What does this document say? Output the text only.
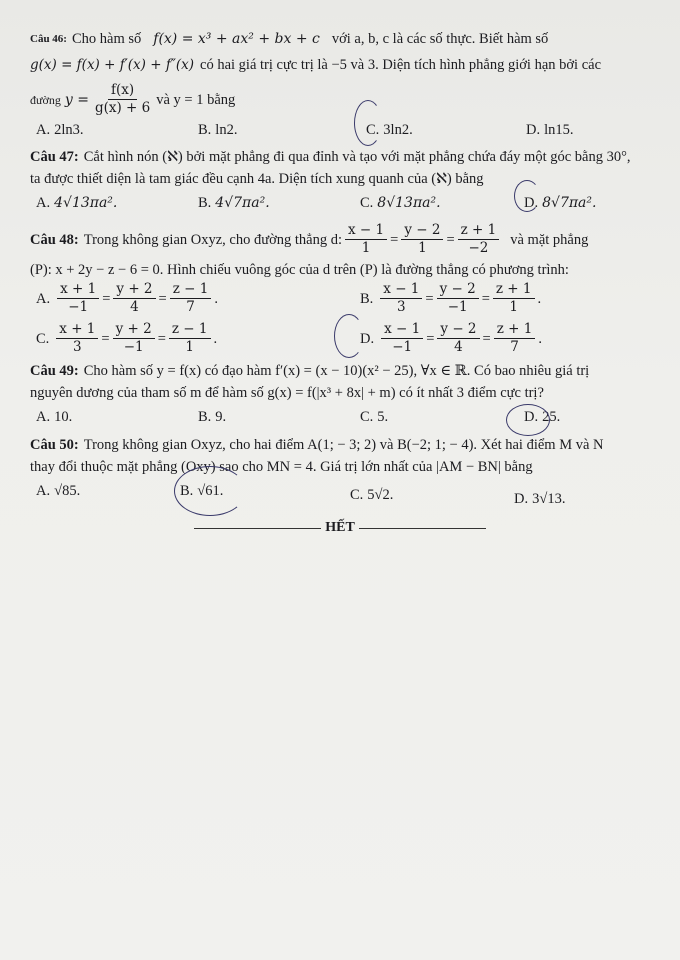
Câu 46: Cho hàm số f(x) = x³ + ax² + bx + c với a, b, c là các số thực. Biết hàm số
g(x) = f(x) + f′(x) + f″(x) có hai giá trị cực trị là −5 và 3. Diện tích hình phẳng giới hạn bởi các
đường $y = \frac{f(x)}{g(x) + 6}$ và y = 1 bằng
A. 2ln3.	B. ln2.	C. 3ln2.	D. ln15.
Câu 47: Cắt hình nón (ℵ) bởi mặt phẳng đi qua đỉnh và tạo với mặt phẳng chứa đáy một góc bằng 30°,
ta được thiết diện là tam giác đều cạnh 4a. Diện tích xung quanh của (ℵ) bằng
A. 4√13πa².	B. 4√7πa².	C. 8√13πa².	D. 8√7πa².
Câu 48: Trong không gian Oxyz, cho đường thẳng d: $\frac{x - 1}{1} = \frac{y - 2}{1} = \frac{z + 1}{-2}$ và mặt phẳng
(P): x + 2y − z − 6 = 0. Hình chiếu vuông góc của d trên (P) là đường thẳng có phương trình:
A. $\frac{x + 1}{-1} = \frac{y + 2}{4} = \frac{z - 1}{7}$ .	B. $\frac{x - 1}{3} = \frac{y - 2}{-1} = \frac{z + 1}{1}$ .
C. $\frac{x + 1}{3} = \frac{y + 2}{-1} = \frac{z - 1}{1}$ .	D. $\frac{x - 1}{-1} = \frac{y - 2}{4} = \frac{z + 1}{7}$ .
Câu 49: Cho hàm số y = f(x) có đạo hàm f′(x) = (x − 10)(x² − 25), ∀x ∈ ℝ. Có bao nhiêu giá trị
nguyên dương của tham số m để hàm số g(x) = f(|x³ + 8x| + m) có ít nhất 3 điểm cực trị?
A. 10.	B. 9.	C. 5.	D. 25.
Câu 50: Trong không gian Oxyz, cho hai điểm A(1; − 3; 2) và B(−2; 1; − 4). Xét hai điểm M và N
thay đổi thuộc mặt phẳng (Oxy) sao cho MN = 4. Giá trị lớn nhất của |AM − BN| bằng
A. √85.	B. √61.	C. 5√2.	D. 3√13.
HẾT
